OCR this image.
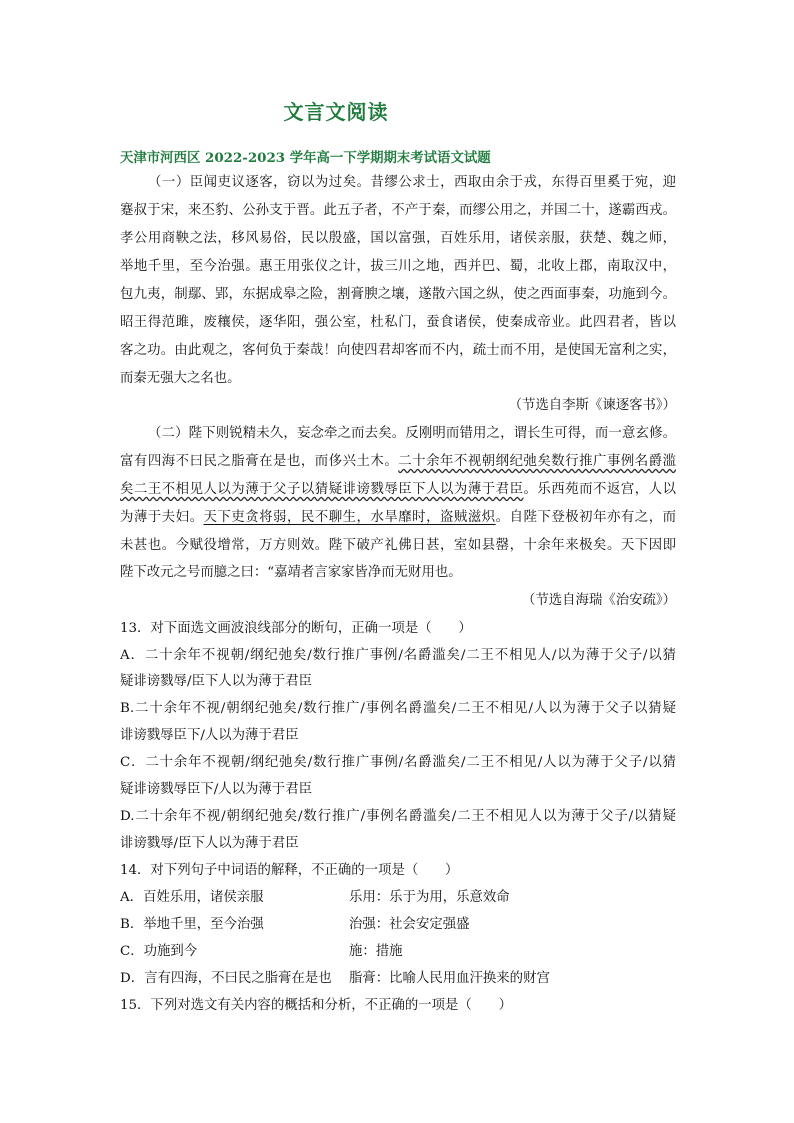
文言文阅读
天津市河西区 2022-2023 学年高一下学期期末考试语文试题
（一）臣闻吏议逐客，窃以为过矣。昔缪公求士，西取由余于戎，东得百里奚于宛，迎
蹇叔于宋，来丕豹、公孙支于晋。此五子者，不产于秦，而缪公用之，并国二十，遂霸西戎。
孝公用商鞅之法，移风易俗，民以殷盛，国以富强，百姓乐用，诸侯亲服，获楚、魏之师，
举地千里，至今治强。惠王用张仪之计，拔三川之地，西并巴、蜀，北收上郡，南取汉中，
包九夷，制鄢、郢，东据成皋之险，割膏腴之壤，遂散六国之纵，使之西面事秦，功施到今。
昭王得范雎，废穰侯，逐华阳，强公室，杜私门，蚕食诸侯，使秦成帝业。此四君者，皆以
客之功。由此观之，客何负于秦哉！向使四君却客而不内，疏士而不用，是使国无富利之实，
而秦无强大之名也。
（节选自李斯《谏逐客书》）
（二）陛下则锐精未久，妄念牵之而去矣。反刚明而错用之，谓长生可得，而一意玄修。
富有四海不曰民之脂膏在是也，而侈兴土木。二十余年不视朝纲纪弛矣数行推广事例名爵滥
矣二王不相见人以为薄于父子以猜疑诽谤戮辱臣下人以为薄于君臣。乐西苑而不返宫，人以
为薄于夫妇。天下吏贪将弱，民不聊生，水旱靡时，盗贼滋炽。自陛下登极初年亦有之，而
未甚也。今赋役增常，万方则效。陛下破产礼佛日甚，室如县罄，十余年来极矣。天下因即
陛下改元之号而臆之曰：“嘉靖者言家家皆净而无财用也。
（节选自海瑞《治安疏》）
13．对下面选文画波浪线部分的断句，正确一项是（　　）
A．二十余年不视朝/纲纪弛矣/数行推广事例/名爵滥矣/二王不相见人/以为薄于父子/以猜
疑诽谤戮辱/臣下人以为薄于君臣
B.二十余年不视/朝纲纪弛矣/数行推广/事例名爵滥矣/二王不相见/人以为薄于父子以猜疑
诽谤戮辱臣下/人以为薄于君臣
C．二十余年不视朝/纲纪弛矣/数行推广事例/名爵滥矣/二王不相见/人以为薄于父子/以猜
疑诽谤戮辱臣下/人以为薄于君臣
D.二十余年不视/朝纲纪弛矣/数行推广/事例名爵滥矣/二王不相见人以为薄于父子/以猜疑
诽谤戮辱/臣下人以为薄于君臣
14．对下列句子中词语的解释，不正确的一项是（　　）
A．百姓乐用，诸侯亲服	乐用：乐于为用，乐意效命
B．举地千里，至今治强	治强：社会安定强盛
C．功施到今	施：措施
D．言有四海，不曰民之脂膏在是也 脂膏：比喻人民用血汗换来的财宫
15．下列对选文有关内容的概括和分析，不正确的一项是（　　）
